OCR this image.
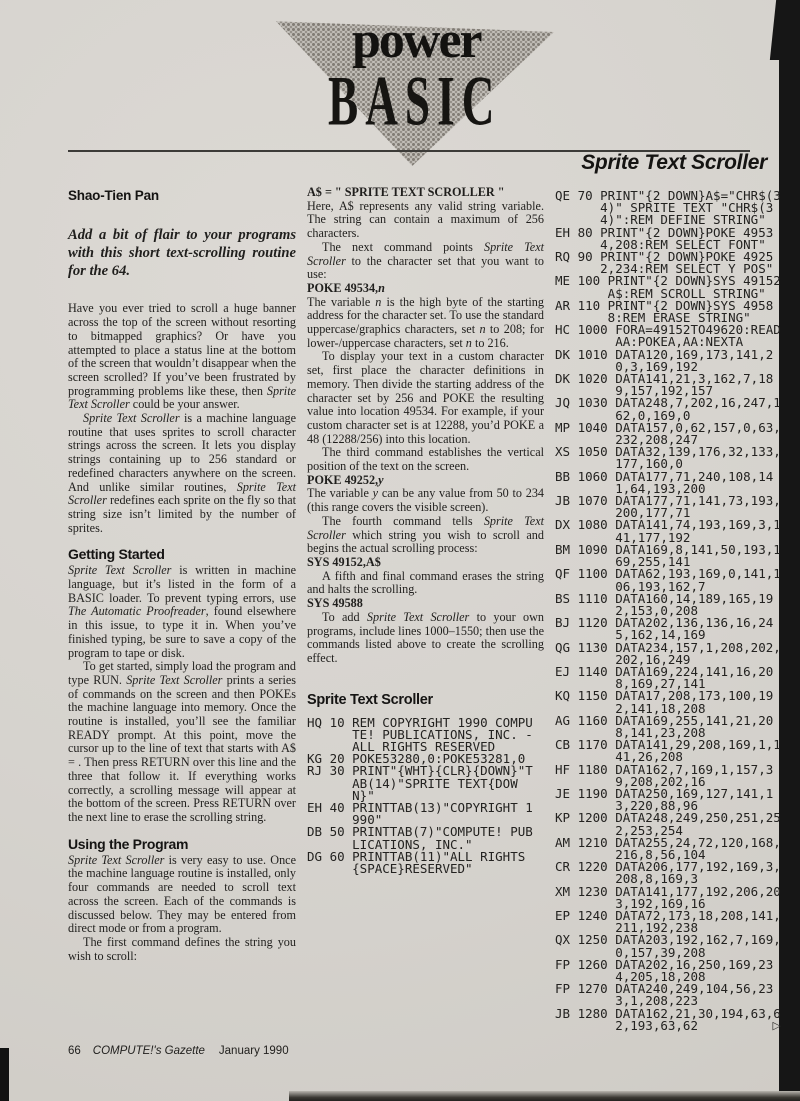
power
BASIC
Sprite Text Scroller
Shao-Tien Pan

Add a bit of flair to your programs with this short text-scrolling routine for the 64.

Have you ever tried to scroll a huge banner across the top of the screen without resorting to bitmapped graphics? Or have you attempted to place a status line at the bottom of the screen that wouldn’t disappear when the screen scrolled? If you’ve been frustrated by programming problems like these, then Sprite Text Scroller could be your answer.

Sprite Text Scroller is a machine language routine that uses sprites to scroll character strings across the screen. It lets you display strings containing up to 256 standard or redefined characters anywhere on the screen. And unlike similar routines, Sprite Text Scroller redefines each sprite on the fly so that string size isn’t limited by the number of sprites.

Getting Started

Sprite Text Scroller is written in machine language, but it’s listed in the form of a BASIC loader. To prevent typing errors, use The Automatic Proofreader, found elsewhere in this issue, to type it in. When you’ve finished typing, be sure to save a copy of the program to tape or disk.

To get started, simply load the program and type RUN. Sprite Text Scroller prints a series of commands on the screen and then POKEs the machine language into memory. Once the routine is installed, you’ll see the familiar READY prompt. At this point, move the cursor up to the line of text that starts with A$ = . Then press RETURN over this line and the three that follow it. If everything works correctly, a scrolling message will appear at the bottom of the screen. Press RETURN over the next line to erase the scrolling string.

Using the Program

Sprite Text Scroller is very easy to use. Once the machine language routine is installed, only four commands are needed to scroll text across the screen. Each of the commands is discussed below. They may be entered from direct mode or from a program.

The first command defines the string you wish to scroll:

A$ = " SPRITE TEXT SCROLLER "

Here, A$ represents any valid string variable. The string can contain a maximum of 256 characters.

The next command points Sprite Text Scroller to the character set that you want to use:

POKE 49534,n

The variable n is the high byte of the starting address for the character set. To use the standard uppercase/graphics characters, set n to 208; for lower-/uppercase characters, set n to 216.

To display your text in a custom character set, first place the character definitions in memory. Then divide the starting address of the character set by 256 and POKE the resulting value into location 49534. For example, if your custom character set is at 12288, you’d POKE a 48 (12288/256) into this location.

The third command establishes the vertical position of the text on the screen.

POKE 49252,y

The variable y can be any value from 50 to 234 (this range covers the visible screen).

The fourth command tells Sprite Text Scroller which string you wish to scroll and begins the actual scrolling process:

SYS 49152,A$

A fifth and final command erases the string and halts the scrolling.

SYS 49588

To add Sprite Text Scroller to your own programs, include lines 1000–1550; then use the commands listed above to create the scrolling effect.

Sprite Text Scroller
HQ 10 REM COPYRIGHT 1990 COMPUTE! PUBLICATIONS, INC. - ALL RIGHTS RESERVED
KG 20 POKE53280,0:POKE53281,0
RJ 30 PRINT"{WHT}{CLR}{DOWN}"TAB(14)"SPRITE TEXT{DOWN}"
EH 40 PRINTTAB(13)"COPYRIGHT 1990"
DB 50 PRINTTAB(7)"COMPUTE! PUBLICATIONS, INC."
DG 60 PRINTTAB(11)"ALL RIGHTS {SPACE}RESERVED"
QE 70 PRINT"{2 DOWN}A$="CHR$(34)" SPRITE TEXT "CHR$(34)":REM DEFINE STRING"
EH 80 PRINT"{2 DOWN}POKE 49534,208:REM SELECT FONT"
RQ 90 PRINT"{2 DOWN}POKE 49252,234:REM SELECT Y POS"
ME 100 PRINT"{2 DOWN}SYS 49152 A$:REM SCROLL STRING"
AR 110 PRINT"{2 DOWN}SYS 49588:REM ERASE STRING"
HC 1000 FORA=49152TO49620:READAA:POKEA,AA:NEXTA
DK 1010 DATA120,169,173,141,20,3,169,192
DK 1020 DATA141,21,3,162,7,189,157,192,157
JQ 1030 DATA248,7,202,16,247,162,0,169,0
MP 1040 DATA157,0,62,157,0,63,232,208,247
XS 1050 DATA32,139,176,32,133,177,160,0
BB 1060 DATA177,71,240,108,141,64,193,200
JB 1070 DATA177,71,141,73,193,200,177,71
DX 1080 DATA141,74,193,169,3,141,177,192
BM 1090 DATA169,8,141,50,193,169,255,141
QF 1100 DATA62,193,169,0,141,106,193,162,7
BS 1110 DATA160,14,189,165,192,153,0,208
BJ 1120 DATA202,136,136,16,245,162,14,169
QG 1130 DATA234,157,1,208,202,202,16,249
EJ 1140 DATA169,224,141,16,208,169,27,141
KQ 1150 DATA17,208,173,100,192,141,18,208
AG 1160 DATA169,255,141,21,208,141,23,208
CB 1170 DATA141,29,208,169,1,141,26,208
HF 1180 DATA162,7,169,1,157,39,208,202,16
JE 1190 DATA250,169,127,141,13,220,88,96
KP 1200 DATA248,249,250,251,252,253,254
AM 1210 DATA255,24,72,120,168,216,8,56,104
CR 1220 DATA206,177,192,169,3,208,8,169,3
XM 1230 DATA141,177,192,206,203,192,169,16
EP 1240 DATA72,173,18,208,141,211,192,238
QX 1250 DATA203,192,162,7,169,0,157,39,208
FP 1260 DATA202,16,250,169,234,205,18,208
FP 1270 DATA240,249,104,56,233,1,208,223
JB 1280 DATA162,21,30,194,63,62,193,63,62	▷
66 COMPUTE!'s Gazette January 1990
